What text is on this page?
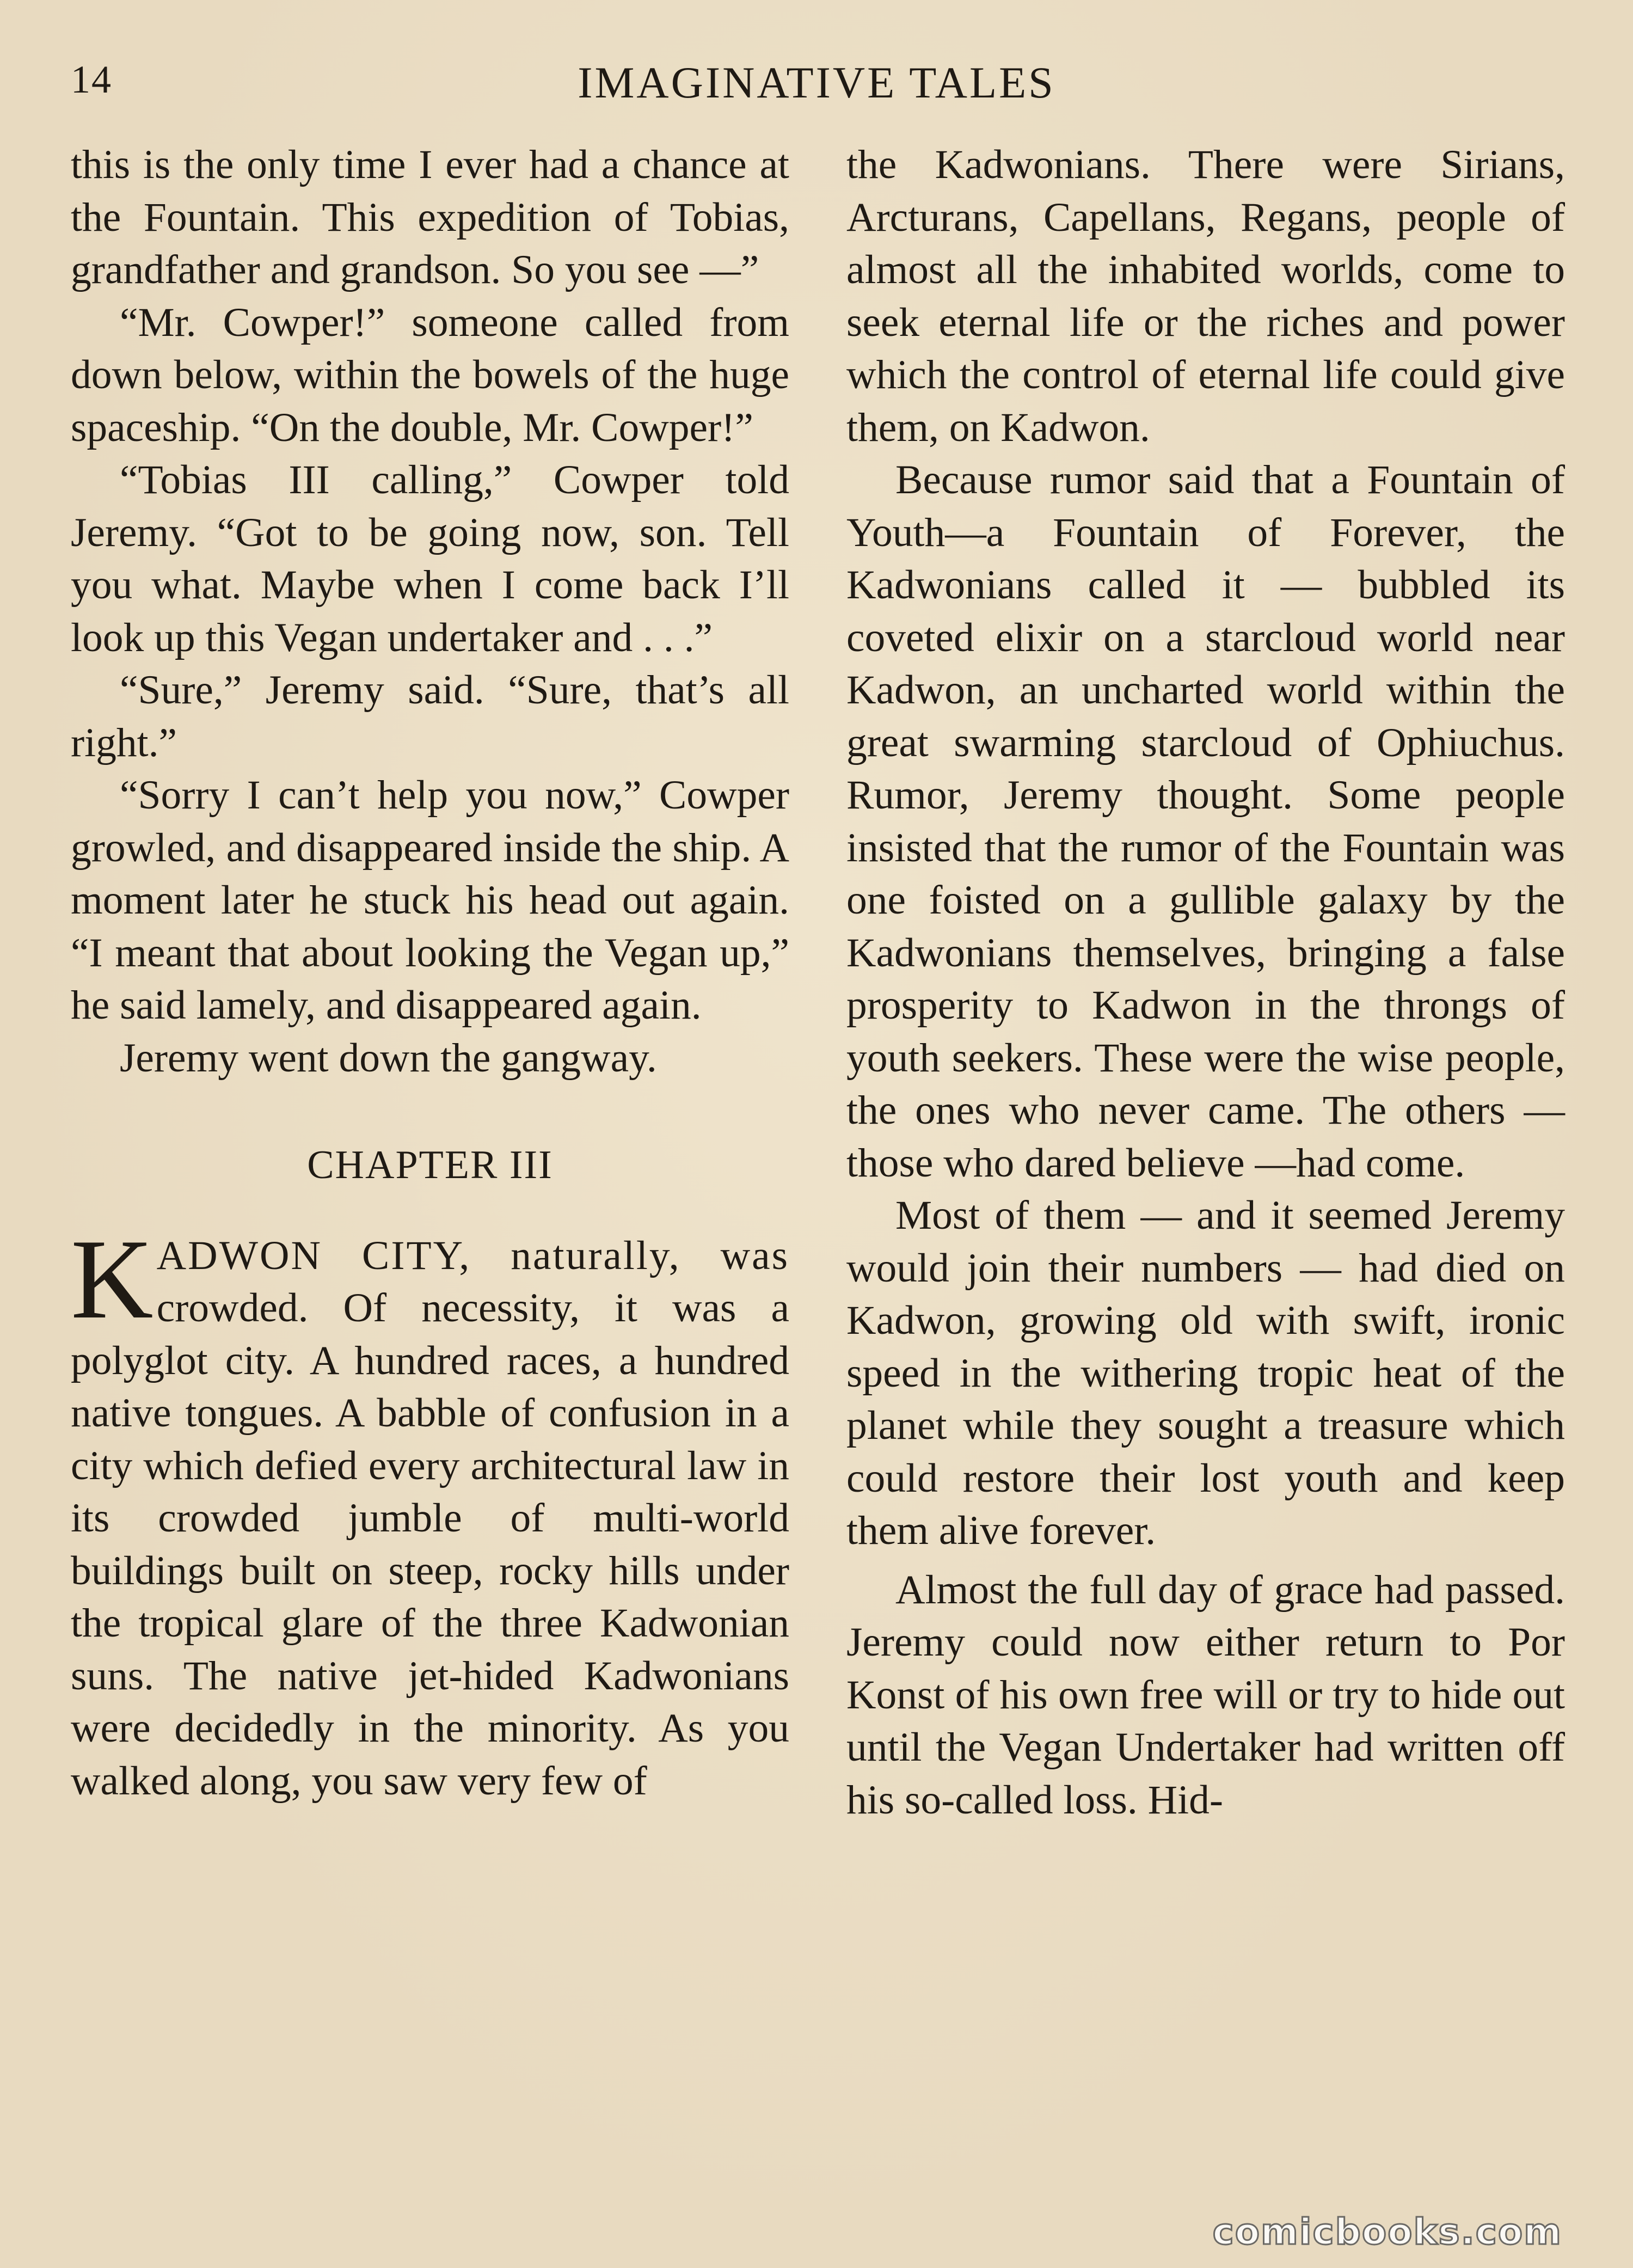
14	IMAGINATIVE TALES

this is the only time I ever had a chance at the Fountain. This expedition of Tobias, grandfather and grandson. So you see —”

“Mr. Cowper!” someone called from down below, within the bowels of the huge spaceship. “On the double, Mr. Cowper!”

“Tobias III calling,” Cowper told Jeremy. “Got to be going now, son. Tell you what. Maybe when I come back I’ll look up this Vegan undertaker and . . .”

“Sure,” Jeremy said. “Sure, that’s all right.”

“Sorry I can’t help you now,” Cowper growled, and disappeared inside the ship. A moment later he stuck his head out again. “I meant that about looking the Vegan up,” he said lamely, and disappeared again.

Jeremy went down the gangway.

CHAPTER III

KADWON CITY, naturally, was crowded. Of necessity, it was a polyglot city. A hundred races, a hundred native tongues. A babble of confusion in a city which defied every architectural law in its crowded jumble of multi-world buildings built on steep, rocky hills under the tropical glare of the three Kadwonian suns. The native jet-hided Kadwonians were decidedly in the minority. As you walked along, you saw very few of

the Kadwonians. There were Sirians, Arcturans, Capellans, Regans, people of almost all the inhabited worlds, come to seek eternal life or the riches and power which the control of eternal life could give them, on Kadwon.

Because rumor said that a Fountain of Youth—a Fountain of Forever, the Kadwonians called it — bubbled its coveted elixir on a starcloud world near Kadwon, an uncharted world within the great swarming starcloud of Ophiuchus. Rumor, Jeremy thought. Some people insisted that the rumor of the Fountain was one foisted on a gullible galaxy by the Kadwonians themselves, bringing a false prosperity to Kadwon in the throngs of youth seekers. These were the wise people, the ones who never came. The others — those who dared believe —had come.

Most of them — and it seemed Jeremy would join their numbers — had died on Kadwon, growing old with swift, ironic speed in the withering tropic heat of the planet while they sought a treasure which could restore their lost youth and keep them alive forever.

Almost the full day of grace had passed. Jeremy could now either return to Por Konst of his own free will or try to hide out until the Vegan Undertaker had written off his so-called loss. Hid-

comicbooks.com
